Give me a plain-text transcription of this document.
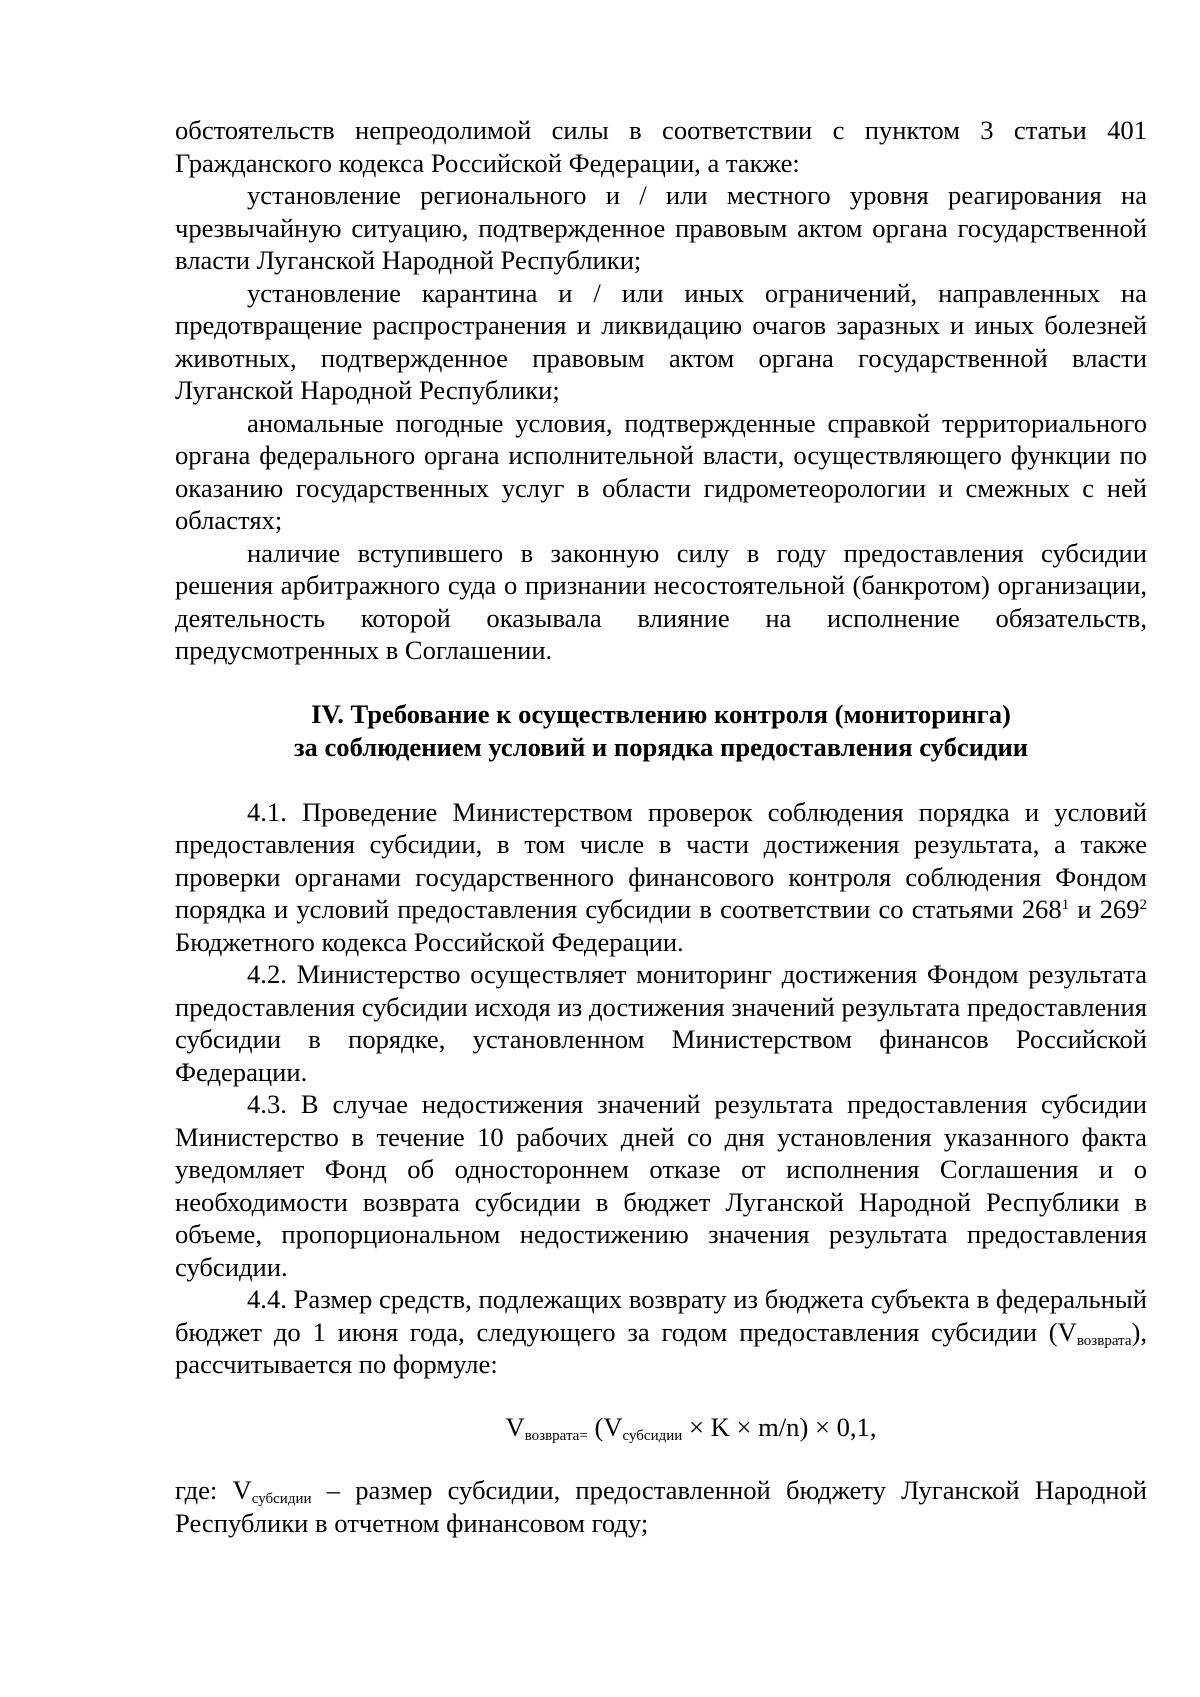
обстоятельств непреодолимой силы в соответствии с пунктом 3 статьи 401 Гражданского кодекса Российской Федерации, а также:

установление регионального и / или местного уровня реагирования на чрезвычайную ситуацию, подтвержденное правовым актом органа государственной власти Луганской Народной Республики;

установление карантина и / или иных ограничений, направленных на предотвращение распространения и ликвидацию очагов заразных и иных болезней животных, подтвержденное правовым актом органа государственной власти Луганской Народной Республики;

аномальные погодные условия, подтвержденные справкой территориального органа федерального органа исполнительной власти, осуществляющего функции по оказанию государственных услуг в области гидрометеорологии и смежных с ней областях;

наличие вступившего в законную силу в году предоставления субсидии решения арбитражного суда о признании несостоятельной (банкротом) организации, деятельность которой оказывала влияние на исполнение обязательств, предусмотренных в Соглашении.

IV. Требование к осуществлению контроля (мониторинга)
за соблюдением условий и порядка предоставления субсидии

4.1. Проведение Министерством проверок соблюдения порядка и условий предоставления субсидии, в том числе в части достижения результата, а также проверки органами государственного финансового контроля соблюдения Фондом порядка и условий предоставления субсидии в соответствии со статьями $268^1$ и $269^2$ Бюджетного кодекса Российской Федерации.

4.2. Министерство осуществляет мониторинг достижения Фондом результата предоставления субсидии исходя из достижения значений результата предоставления субсидии в порядке, установленном Министерством финансов Российской Федерации.

4.3. В случае недостижения значений результата предоставления субсидии Министерство в течение 10 рабочих дней со дня установления указанного факта уведомляет Фонд об одностороннем отказе от исполнения Соглашения и о необходимости возврата субсидии в бюджет Луганской Народной Республики в объеме, пропорциональном недостижению значения результата предоставления субсидии.

4.4. Размер средств, подлежащих возврату из бюджета субъекта в федеральный бюджет до 1 июня года, следующего за годом предоставления субсидии $(V_{возврата})$, рассчитывается по формуле:

$V_{возврата=}$ $(V_{субсидии} \times K \times m/n) \times 0,1$,

где: $V_{субсидии}$ – размер субсидии, предоставленной бюджету Луганской Народной Республики в отчетном финансовом году;
